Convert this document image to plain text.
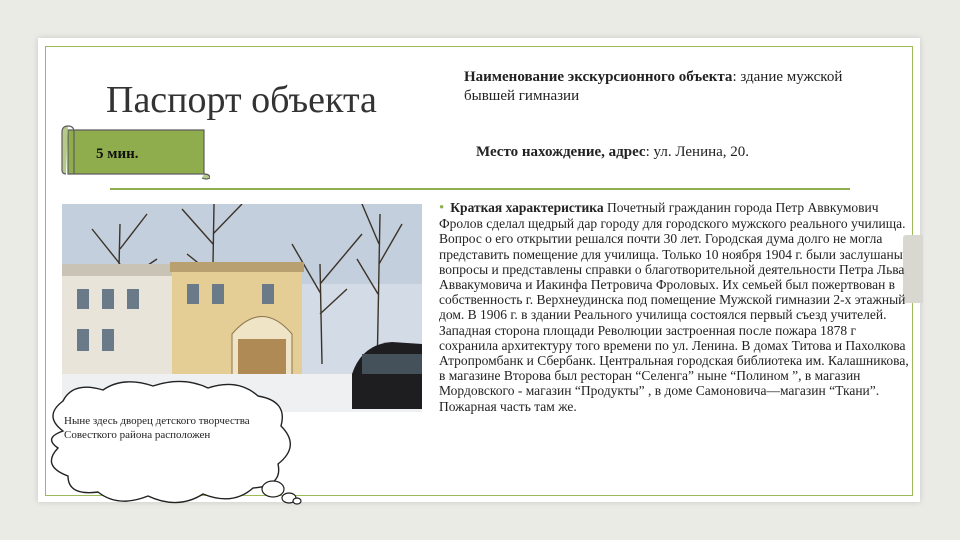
Паспорт объекта
5 мин.
Наименование экскурсионного объекта: здание мужской бывшей гимназии
Место нахождение, адрес: ул. Ленина, 20.
Ныне здесь дворец детского творчества Совесткого района расположен
• Краткая характеристика Почетный гражданин города Петр Аввкумович Фролов сделал щедрый дар городу для городского мужского реального училища. Вопрос о его открытии решался почти 30 лет. Городская дума долго не могла представить помещение для училища. Только 10 ноября 1904 г. были заслушаны вопросы и представлены справки о благотворительной деятельности Петра Льва Аввакумовича и Иакинфа Петровича Фроловых. Их семьей был пожертвован в собственность г. Верхнеудинска под помещение Мужской гимназии 2-х этажный дом. В 1906 г. в здании Реального училища состоялся первый съезд учителей. Западная сторона площади Революции застроенная после пожара 1878 г сохранила архитектуру того времени по ул. Ленина. В домах Титова и Пахолкова Атропромбанк и Сбербанк. Центральная городская библиотека им. Калашникова, в магазине Второва был ресторан “Селенга” ныне “Полином ”, в магазин Мордовского - магазин “Продукты” , в доме Самоновича—магазин “Ткани”. Пожарная часть там же.
